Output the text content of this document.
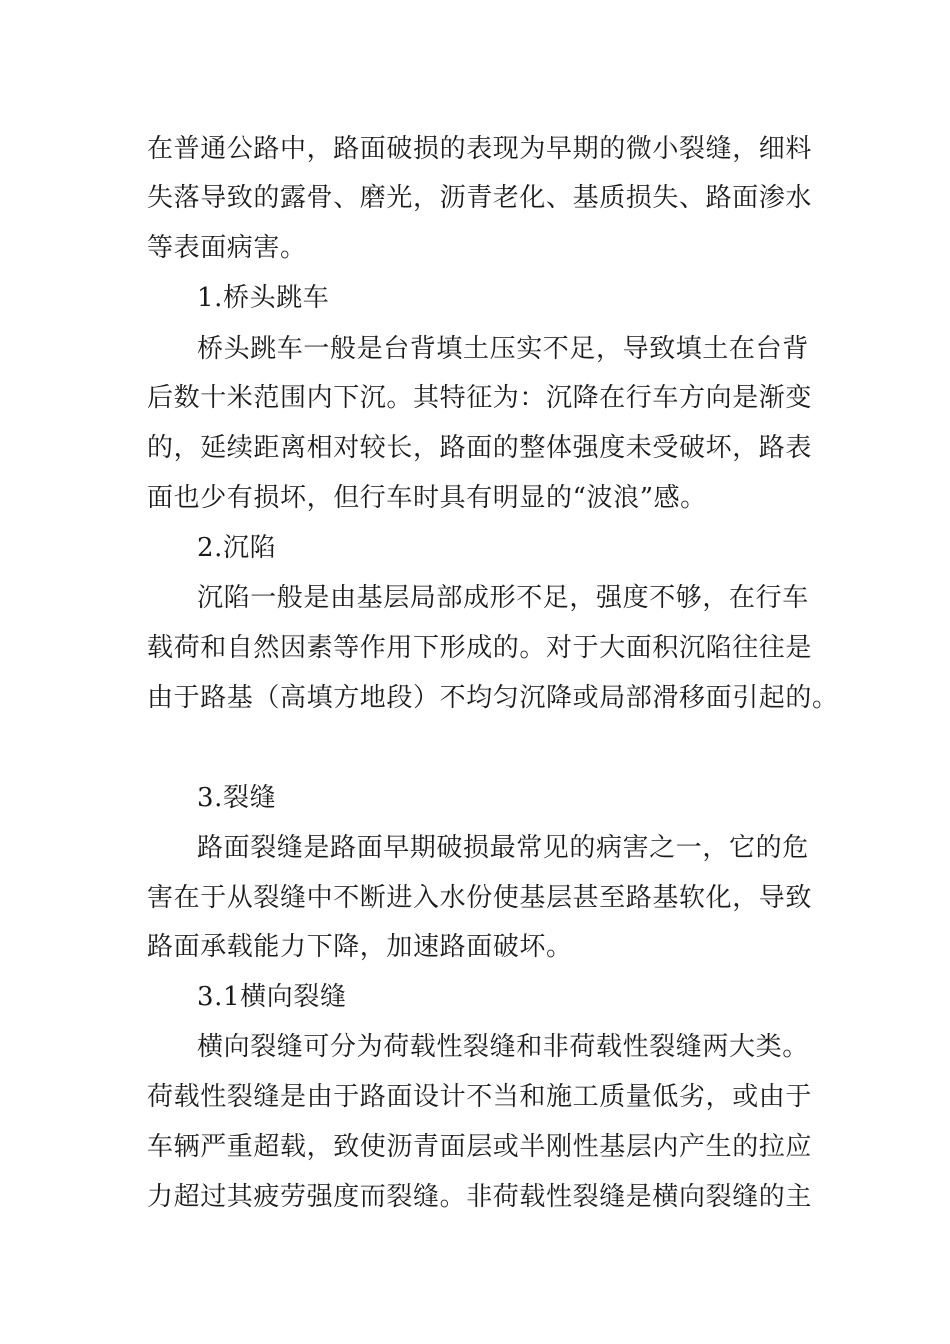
在普通公路中，路面破损的表现为早期的微小裂缝，细料
失落导致的露骨、磨光，沥青老化、基质损失、路面渗水
等表面病害。
1.桥头跳车
桥头跳车一般是台背填土压实不足，导致填土在台背
后数十米范围内下沉。其特征为：沉降在行车方向是渐变
的，延续距离相对较长，路面的整体强度未受破坏，路表
面也少有损坏，但行车时具有明显的“波浪”感。
2.沉陷
沉陷一般是由基层局部成形不足，强度不够，在行车
载荷和自然因素等作用下形成的。对于大面积沉陷往往是
由于路基（高填方地段）不均匀沉降或局部滑移面引起的。
3.裂缝
路面裂缝是路面早期破损最常见的病害之一，它的危
害在于从裂缝中不断进入水份使基层甚至路基软化，导致
路面承载能力下降，加速路面破坏。
3.1横向裂缝
横向裂缝可分为荷载性裂缝和非荷载性裂缝两大类。
荷载性裂缝是由于路面设计不当和施工质量低劣，或由于
车辆严重超载，致使沥青面层或半刚性基层内产生的拉应
力超过其疲劳强度而裂缝。非荷载性裂缝是横向裂缝的主
